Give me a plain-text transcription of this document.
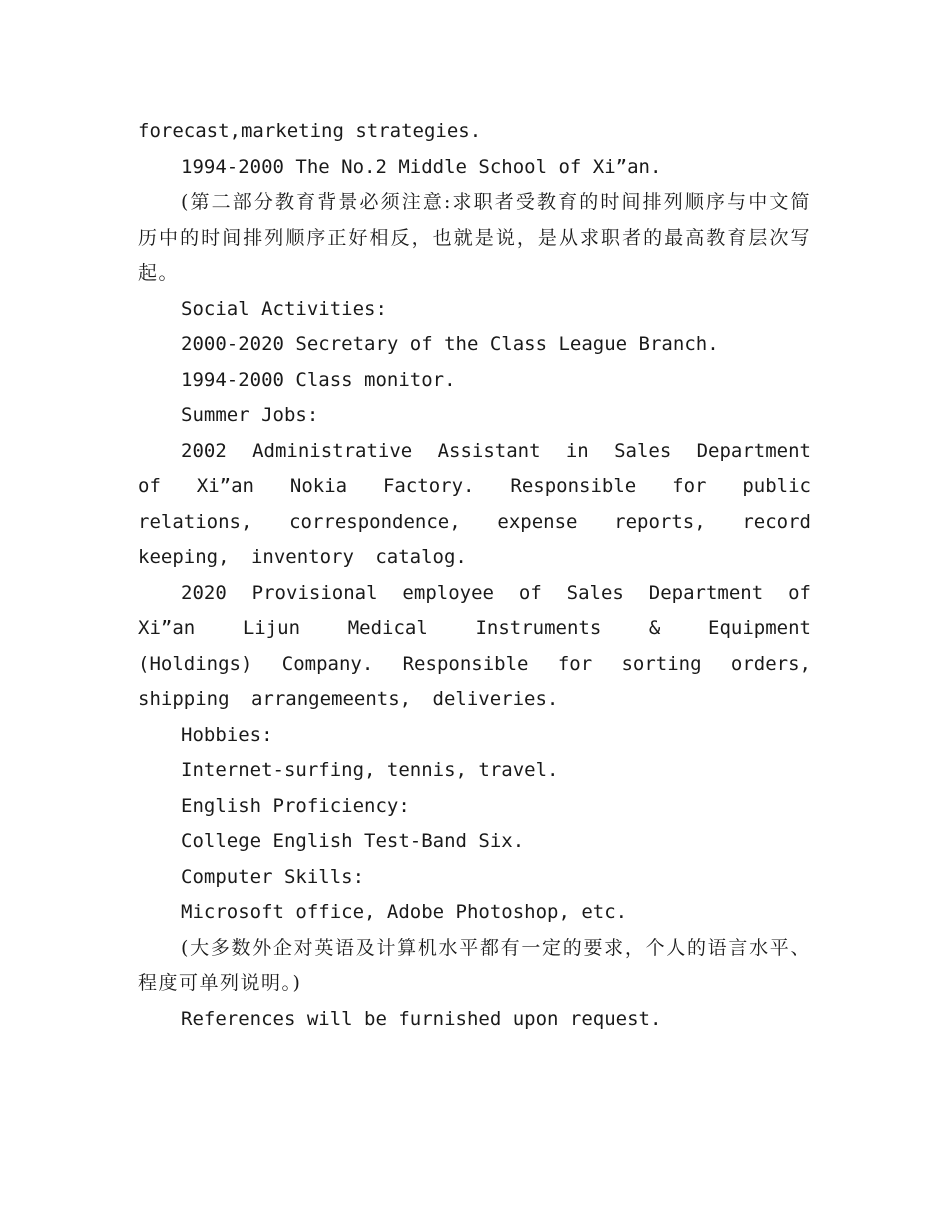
forecast,marketing strategies.

1994-2000 The No.2 Middle School of Xi”an.

(第二部分教育背景必须注意:求职者受教育的时间排列顺序与中文简历中的时间排列顺序正好相反，也就是说，是从求职者的最高教育层次写起。

Social Activities:

2000-2020 Secretary of the Class League Branch.

1994-2000 Class monitor.

Summer Jobs:

2002 Administrative Assistant in Sales Department of Xi”an Nokia Factory. Responsible for public relations, correspondence, expense reports, record keeping, inventory catalog.

2020 Provisional employee of Sales Department of Xi”an Lijun Medical Instruments & Equipment (Holdings) Company. Responsible for sorting orders, shipping arrangemeents, deliveries.

Hobbies:

Internet-surfing, tennis, travel.

English Proficiency:

College English Test-Band Six.

Computer Skills:

Microsoft office, Adobe Photoshop, etc.

(大多数外企对英语及计算机水平都有一定的要求，个人的语言水平、程度可单列说明。)

References will be furnished upon request.
